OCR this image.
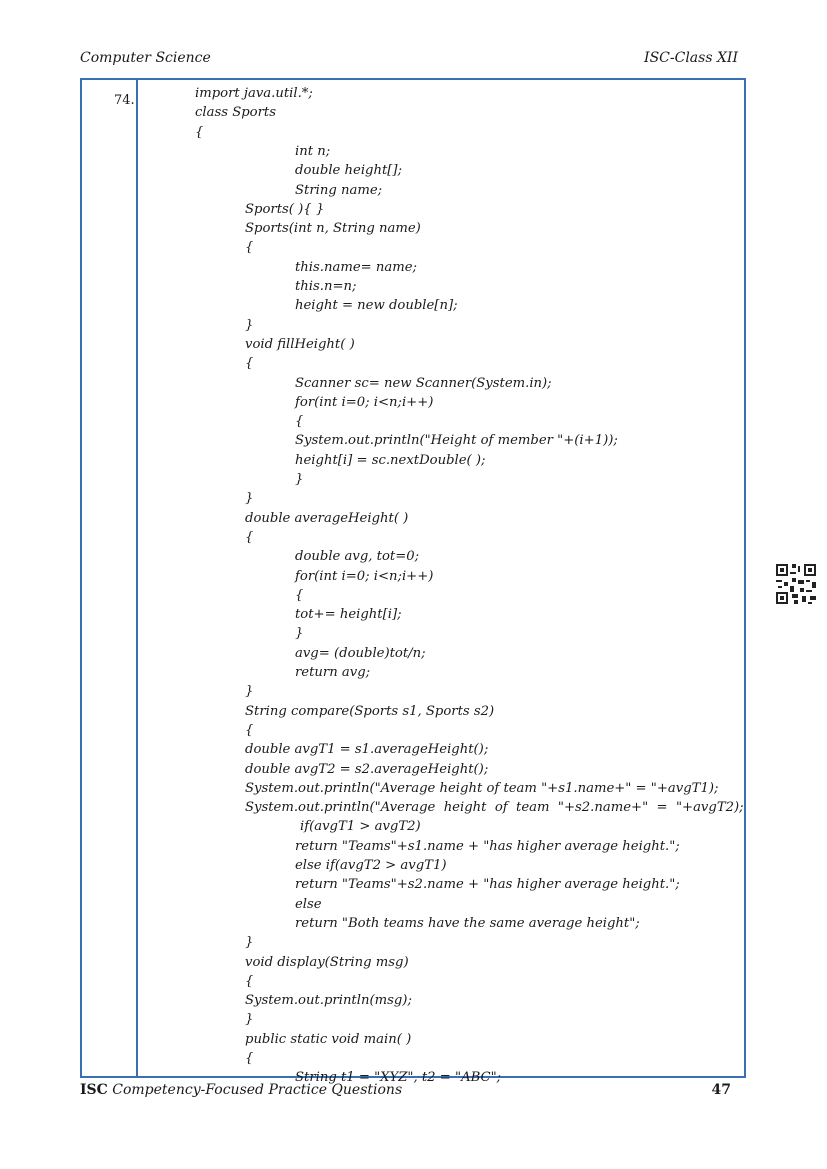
Computer Science	ISC-Class XII
74.	import java.util.*;
class Sports
{
int n;
double height[];
String name;
Sports( ){ }
Sports(int n, String name)
{
this.name= name;
this.n=n;
height = new double[n];
}
void fillHeight( )
{
Scanner sc= new Scanner(System.in);
for(int i=0; i<n;i++)
{
System.out.println("Height of member "+(i+1));
height[i] = sc.nextDouble( );
}
}
double averageHeight( )
{
double avg, tot=0;
for(int i=0; i<n;i++)
{
tot+= height[i];
}
avg= (double)tot/n;
return avg;
}
String compare(Sports s1, Sports s2)
{
double avgT1 = s1.averageHeight();
double avgT2 = s2.averageHeight();
System.out.println("Average height of team "+s1.name+" = "+avgT1);
System.out.println("Average  height  of  team  "+s2.name+"  =  "+avgT2);
if(avgT1 > avgT2)
return "Teams"+s1.name + "has higher average height.";
else if(avgT2 > avgT1)
return "Teams"+s2.name + "has higher average height.";
else
return "Both teams have the same average height";
}
void display(String msg)
{
System.out.println(msg);
}
public static void main( )
{
String t1 = "XYZ", t2 = "ABC";
ISC Competency-Focused Practice Questions	47
